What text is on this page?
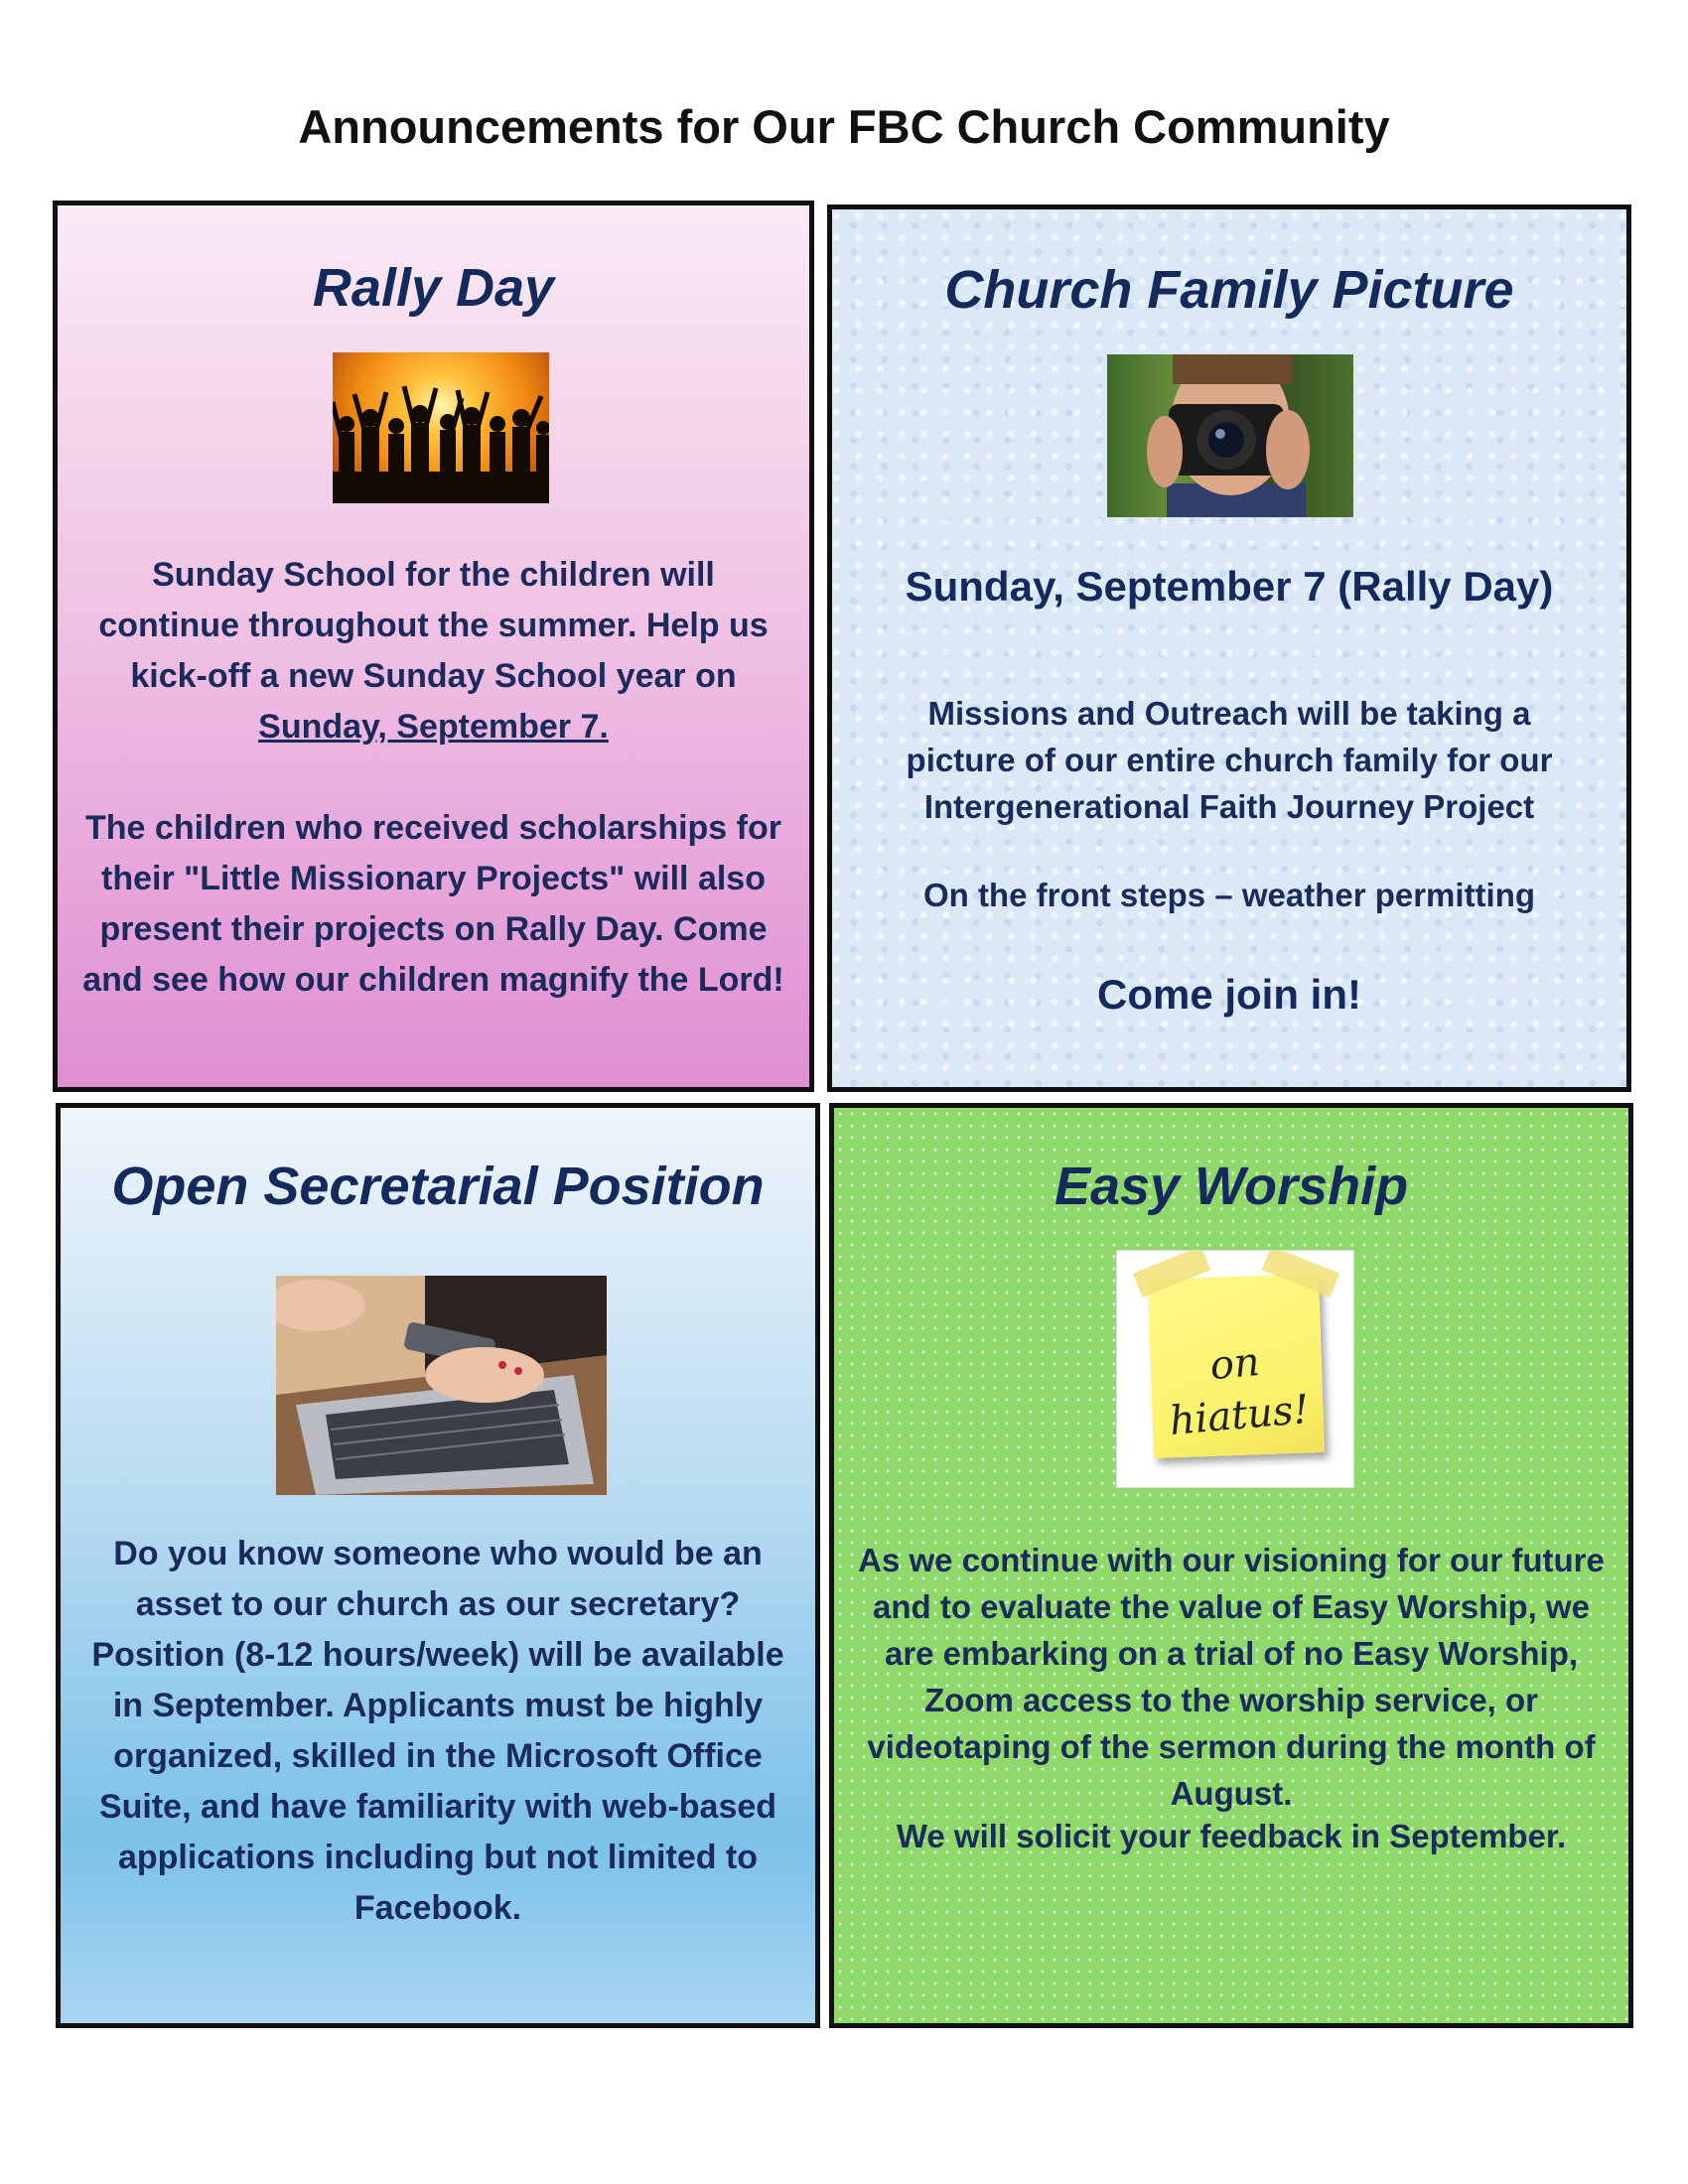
Announcements for Our FBC Church Community
Rally Day

Sunday School for the children will continue throughout the summer. Help us kick-off a new Sunday School year on Sunday, September 7.

The children who received scholarships for their "Little Missionary Projects" will also present their projects on Rally Day. Come and see how our children magnify the Lord!

Church Family Picture
Sunday, September 7 (Rally Day)
Missions and Outreach will be taking a picture of our entire church family for our Intergenerational Faith Journey Project
On the front steps – weather permitting
Come join in!
Open Secretarial Position
Do you know someone who would be an asset to our church as our secretary? Position (8-12 hours/week) will be available in September. Applicants must be highly organized, skilled in the Microsoft Office Suite, and have familiarity with web-based applications including but not limited to Facebook.
Easy Worship
on
hiatus!
As we continue with our visioning for our future and to evaluate the value of Easy Worship, we are embarking on a trial of no Easy Worship, Zoom access to the worship service, or videotaping of the sermon during the month of August.
We will solicit your feedback in September.
